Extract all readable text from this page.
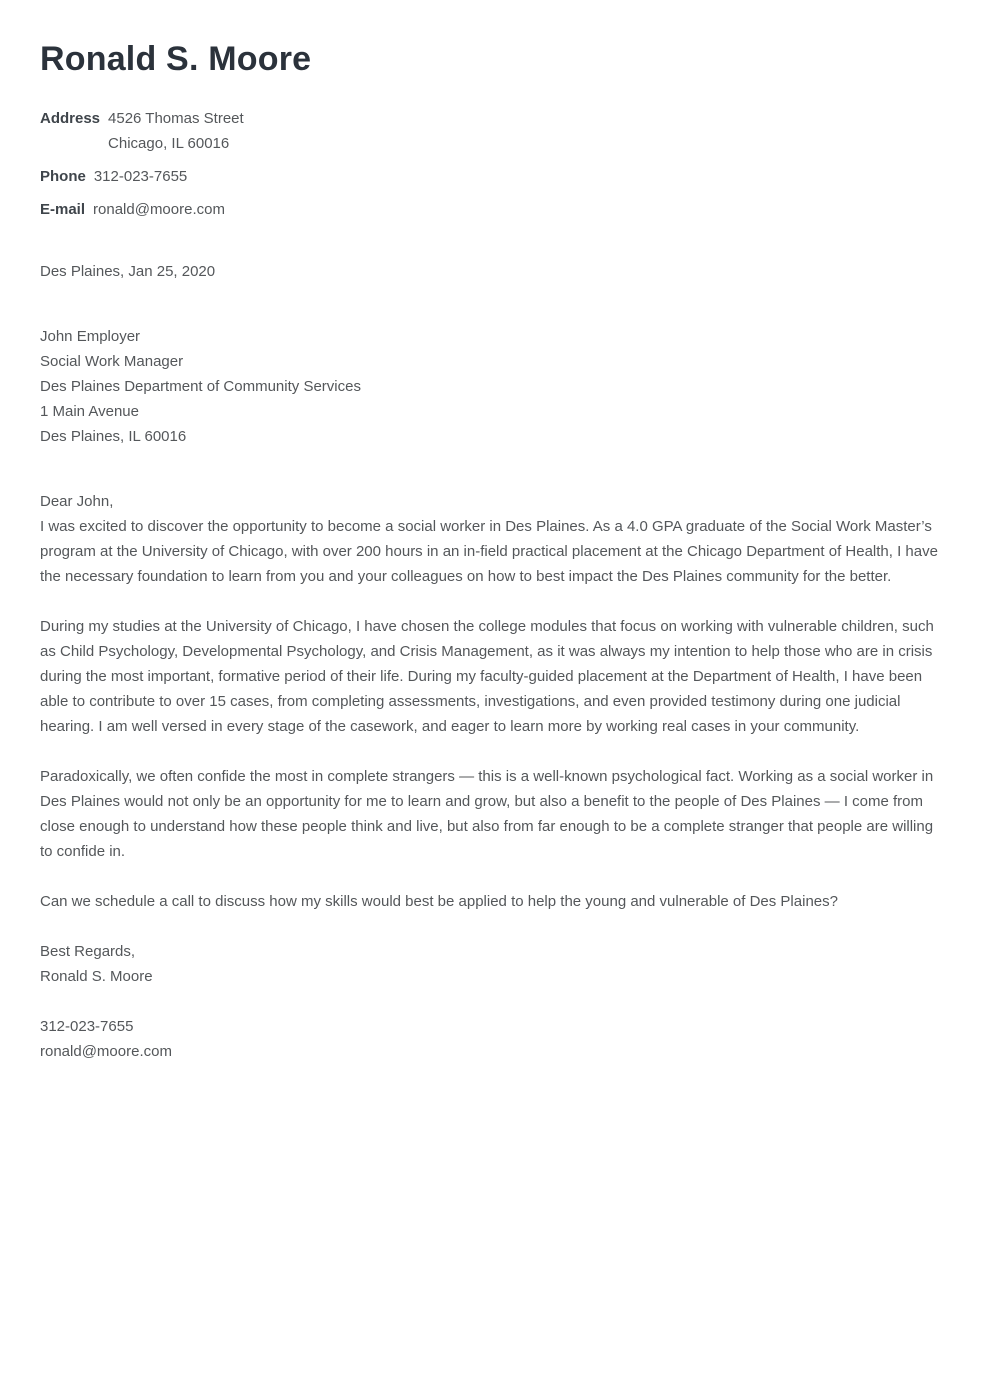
Ronald S. Moore
Address 4526 Thomas Street
Chicago, IL 60016
Phone 312-023-7655
E-mail ronald@moore.com
Des Plaines, Jan 25, 2020
John Employer
Social Work Manager
Des Plaines Department of Community Services
1 Main Avenue
Des Plaines, IL 60016
Dear John,

I was excited to discover the opportunity to become a social worker in Des Plaines. As a 4.0 GPA graduate of the Social Work Master’s program at the University of Chicago, with over 200 hours in an in-field practical placement at the Chicago Department of Health, I have the necessary foundation to learn from you and your colleagues on how to best impact the Des Plaines community for the better.

During my studies at the University of Chicago, I have chosen the college modules that focus on working with vulnerable children, such as Child Psychology, Developmental Psychology, and Crisis Management, as it was always my intention to help those who are in crisis during the most important, formative period of their life. During my faculty-guided placement at the Department of Health, I have been able to contribute to over 15 cases, from completing assessments, investigations, and even provided testimony during one judicial hearing. I am well versed in every stage of the casework, and eager to learn more by working real cases in your community.

Paradoxically, we often confide the most in complete strangers — this is a well-known psychological fact. Working as a social worker in Des Plaines would not only be an opportunity for me to learn and grow, but also a benefit to the people of Des Plaines — I come from close enough to understand how these people think and live, but also from far enough to be a complete stranger that people are willing to confide in.

Can we schedule a call to discuss how my skills would best be applied to help the young and vulnerable of Des Plaines?

Best Regards,
Ronald S. Moore
312-023-7655
ronald@moore.com
